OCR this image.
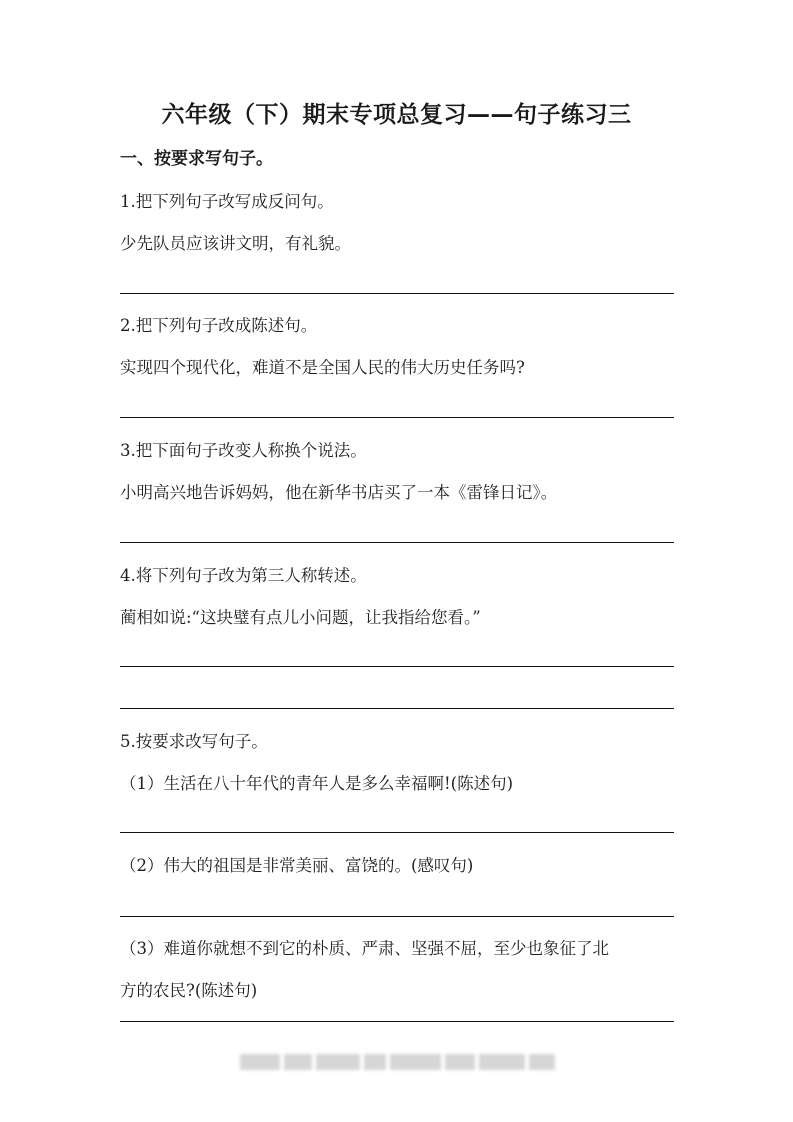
六年级（下）期末专项总复习——句子练习三
一、按要求写句子。
1.把下列句子改写成反问句。
少先队员应该讲文明，有礼貌。
2.把下列句子改成陈述句。
实现四个现代化，难道不是全国人民的伟大历史任务吗?
3.把下面句子改变人称换个说法。
小明高兴地告诉妈妈，他在新华书店买了一本《雷锋日记》。
4.将下列句子改为第三人称转述。
蔺相如说:“这块璧有点儿小问题，让我指给您看。”
5.按要求改写句子。
（1）生活在八十年代的青年人是多么幸福啊!(陈述句)
（2）伟大的祖国是非常美丽、富饶的。(感叹句)
（3）难道你就想不到它的朴质、严肃、坚强不屈，至少也象征了北
方的农民?(陈述句)
